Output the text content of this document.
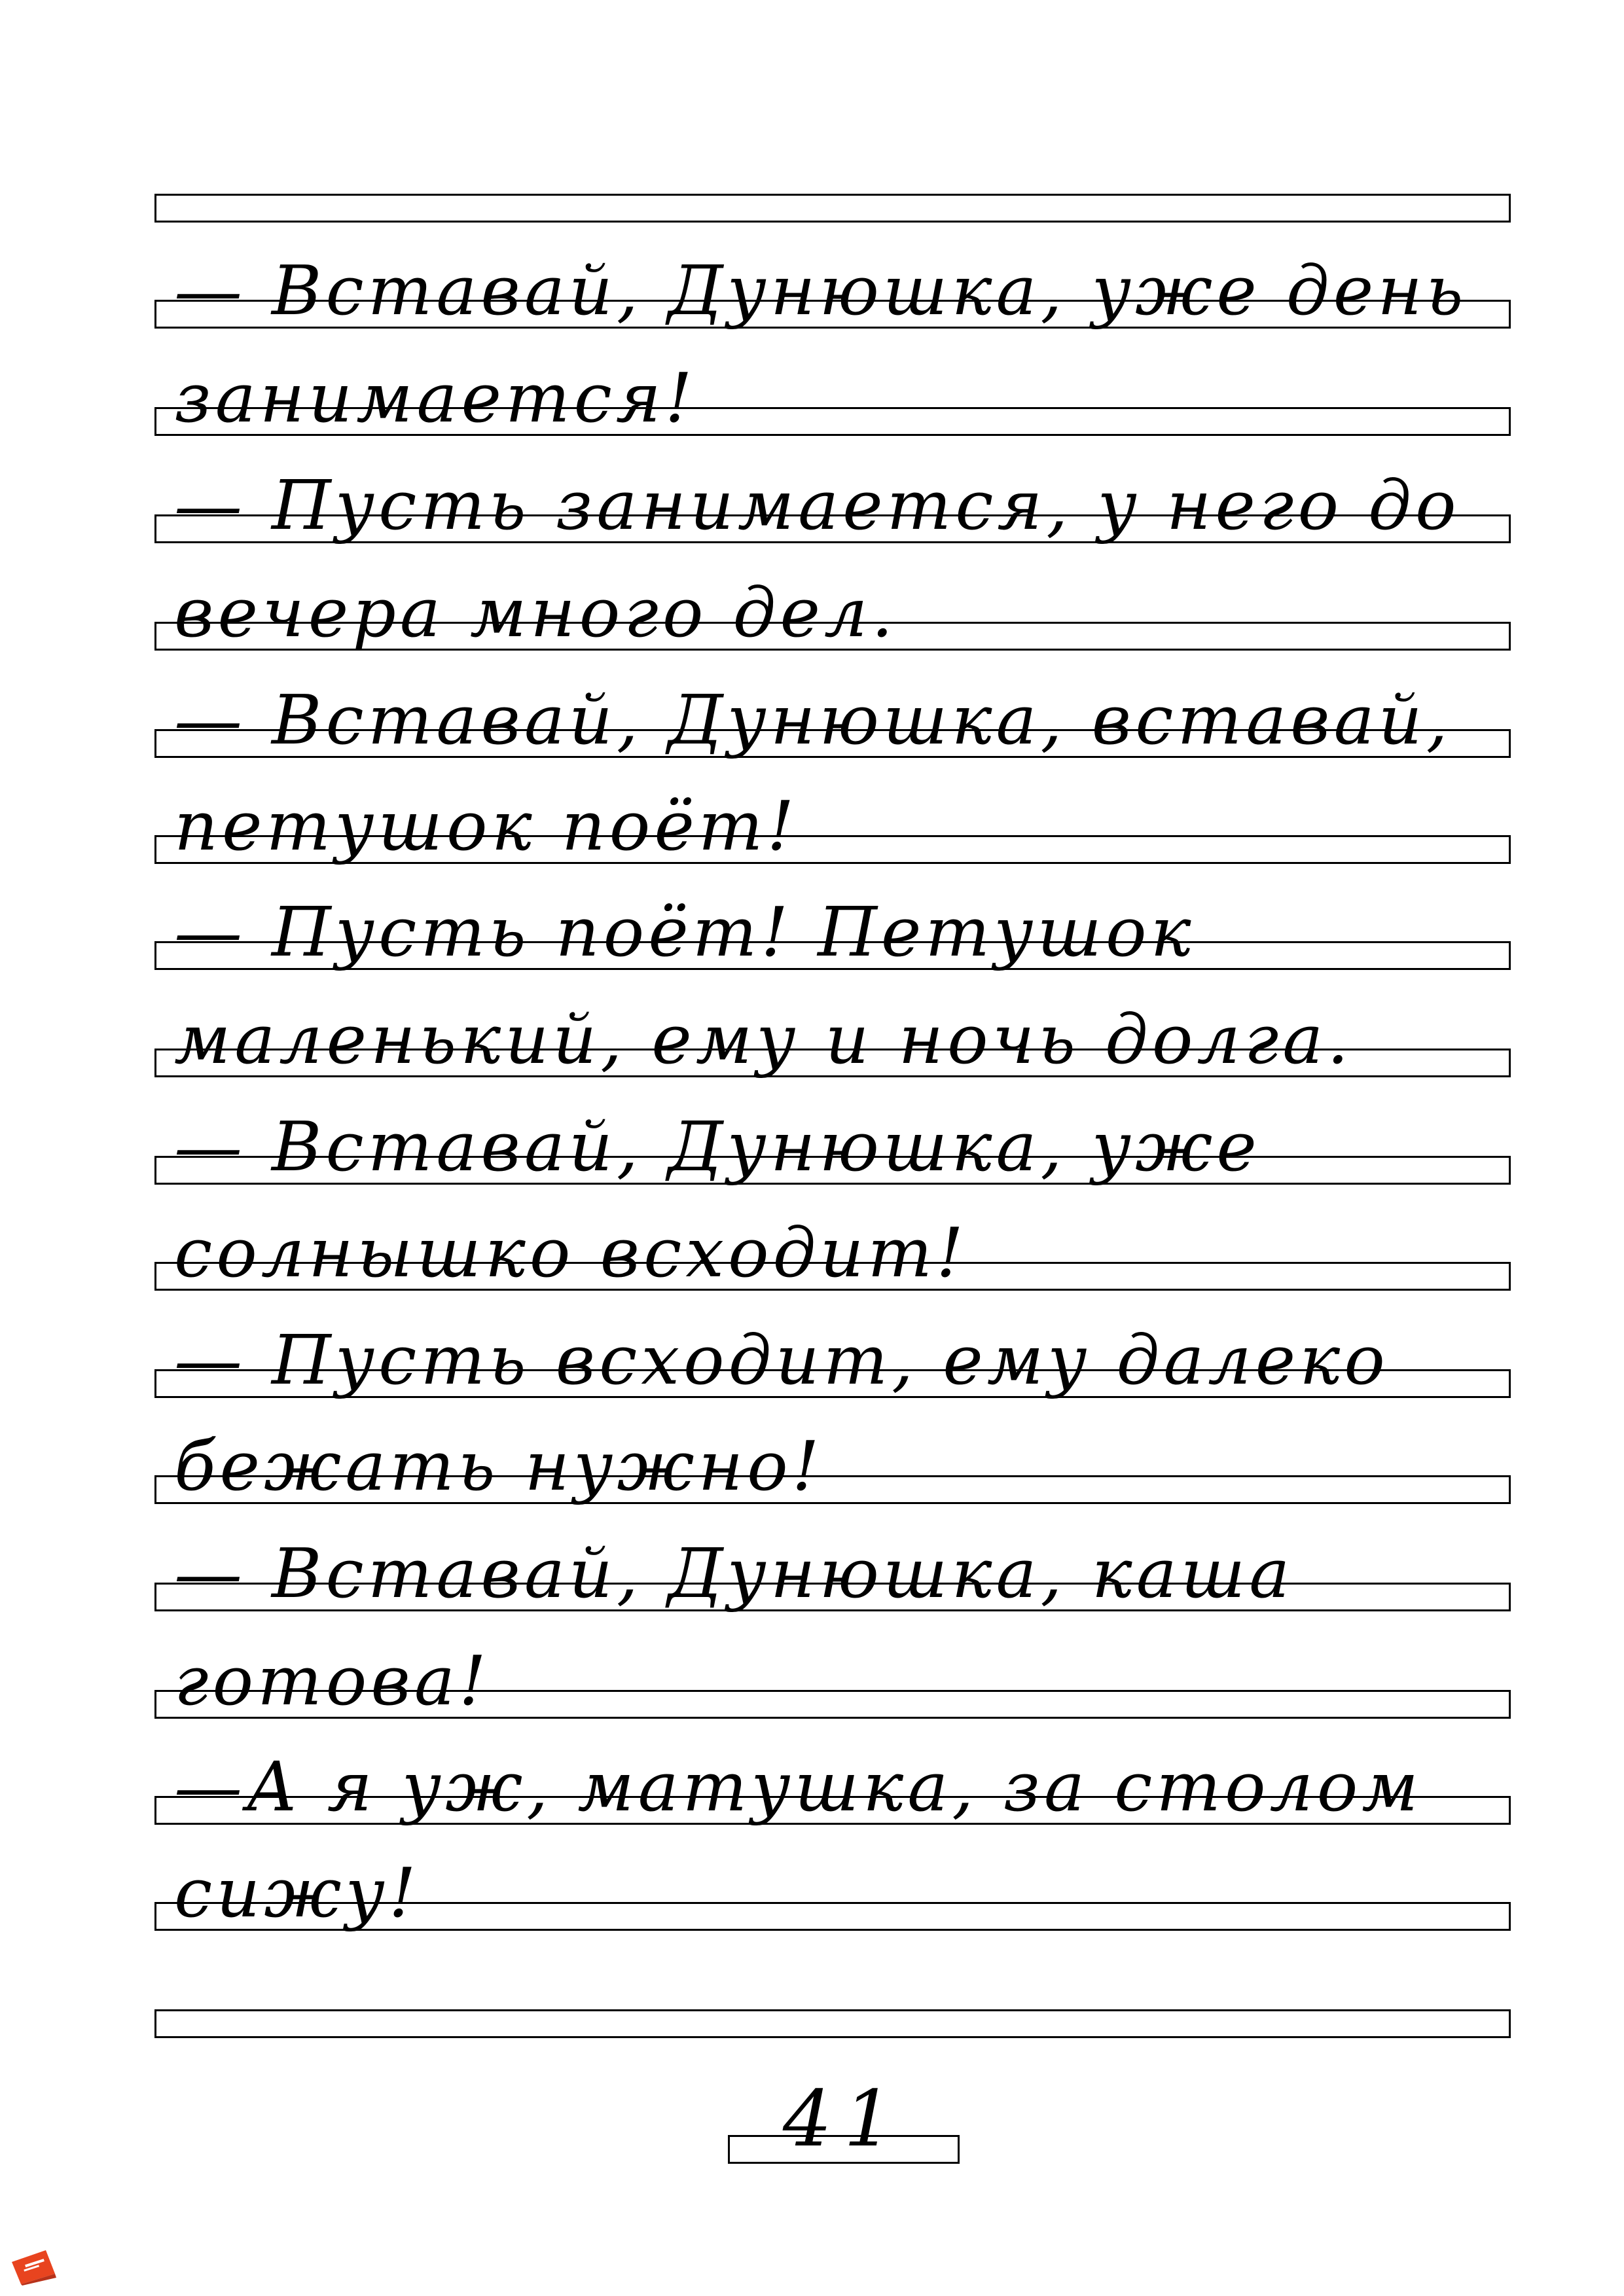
— Вставай, Дунюшка, уже день
занимается!
— Пусть занимается, у него до
вечера много дел.
— Вставай, Дунюшка, вставай,
петушок поёт!
— Пусть поёт! Петушок
маленький, ему и ночь долга.
— Вставай, Дунюшка, уже
солнышко всходит!
— Пусть всходит, ему далеко
бежать нужно!
— Вставай, Дунюшка, каша
готова!
—А я уж, матушка, за столом
сижу!
41
